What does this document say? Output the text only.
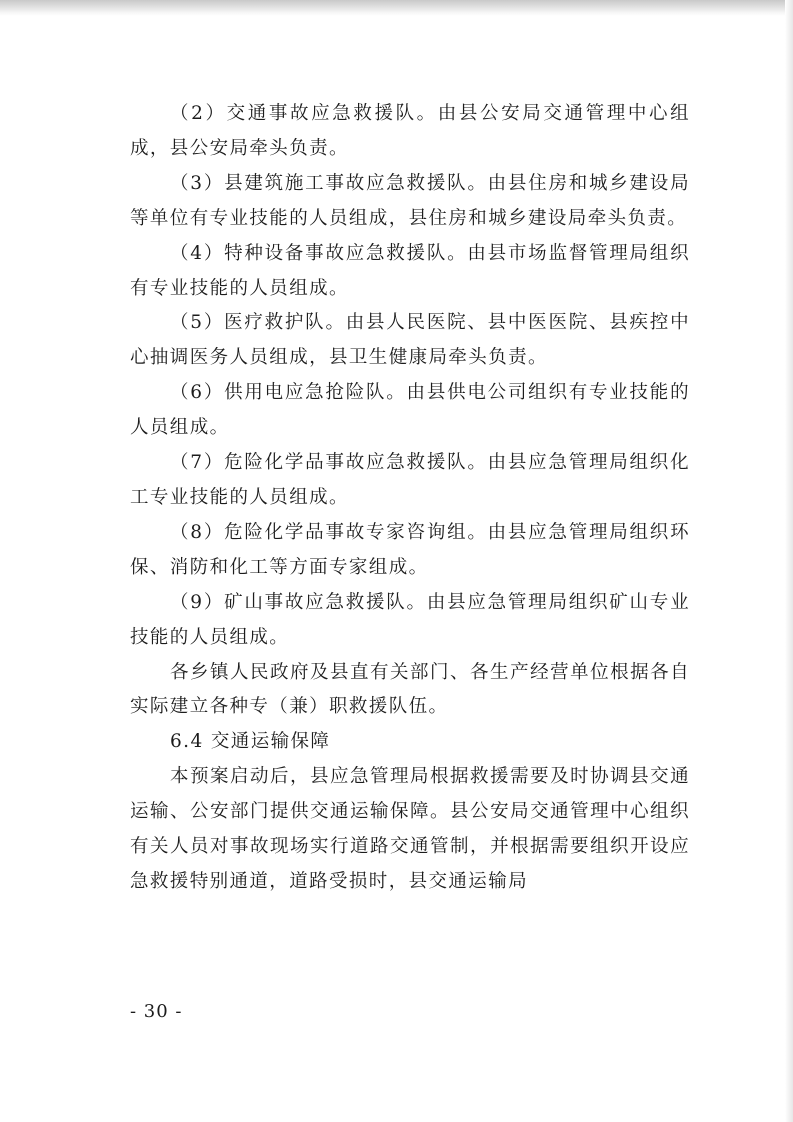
（2）交通事故应急救援队。由县公安局交通管理中心组成，县公安局牵头负责。

（3）县建筑施工事故应急救援队。由县住房和城乡建设局等单位有专业技能的人员组成，县住房和城乡建设局牵头负责。

（4）特种设备事故应急救援队。由县市场监督管理局组织有专业技能的人员组成。

（5）医疗救护队。由县人民医院、县中医医院、县疾控中心抽调医务人员组成，县卫生健康局牵头负责。

（6）供用电应急抢险队。由县供电公司组织有专业技能的人员组成。

（7）危险化学品事故应急救援队。由县应急管理局组织化工专业技能的人员组成。

（8）危险化学品事故专家咨询组。由县应急管理局组织环保、消防和化工等方面专家组成。

（9）矿山事故应急救援队。由县应急管理局组织矿山专业技能的人员组成。

各乡镇人民政府及县直有关部门、各生产经营单位根据各自实际建立各种专（兼）职救援队伍。

6.4 交通运输保障

本预案启动后，县应急管理局根据救援需要及时协调县交通运输、公安部门提供交通运输保障。县公安局交通管理中心组织有关人员对事故现场实行道路交通管制，并根据需要组织开设应急救援特别通道，道路受损时，县交通运输局

- 30 -
